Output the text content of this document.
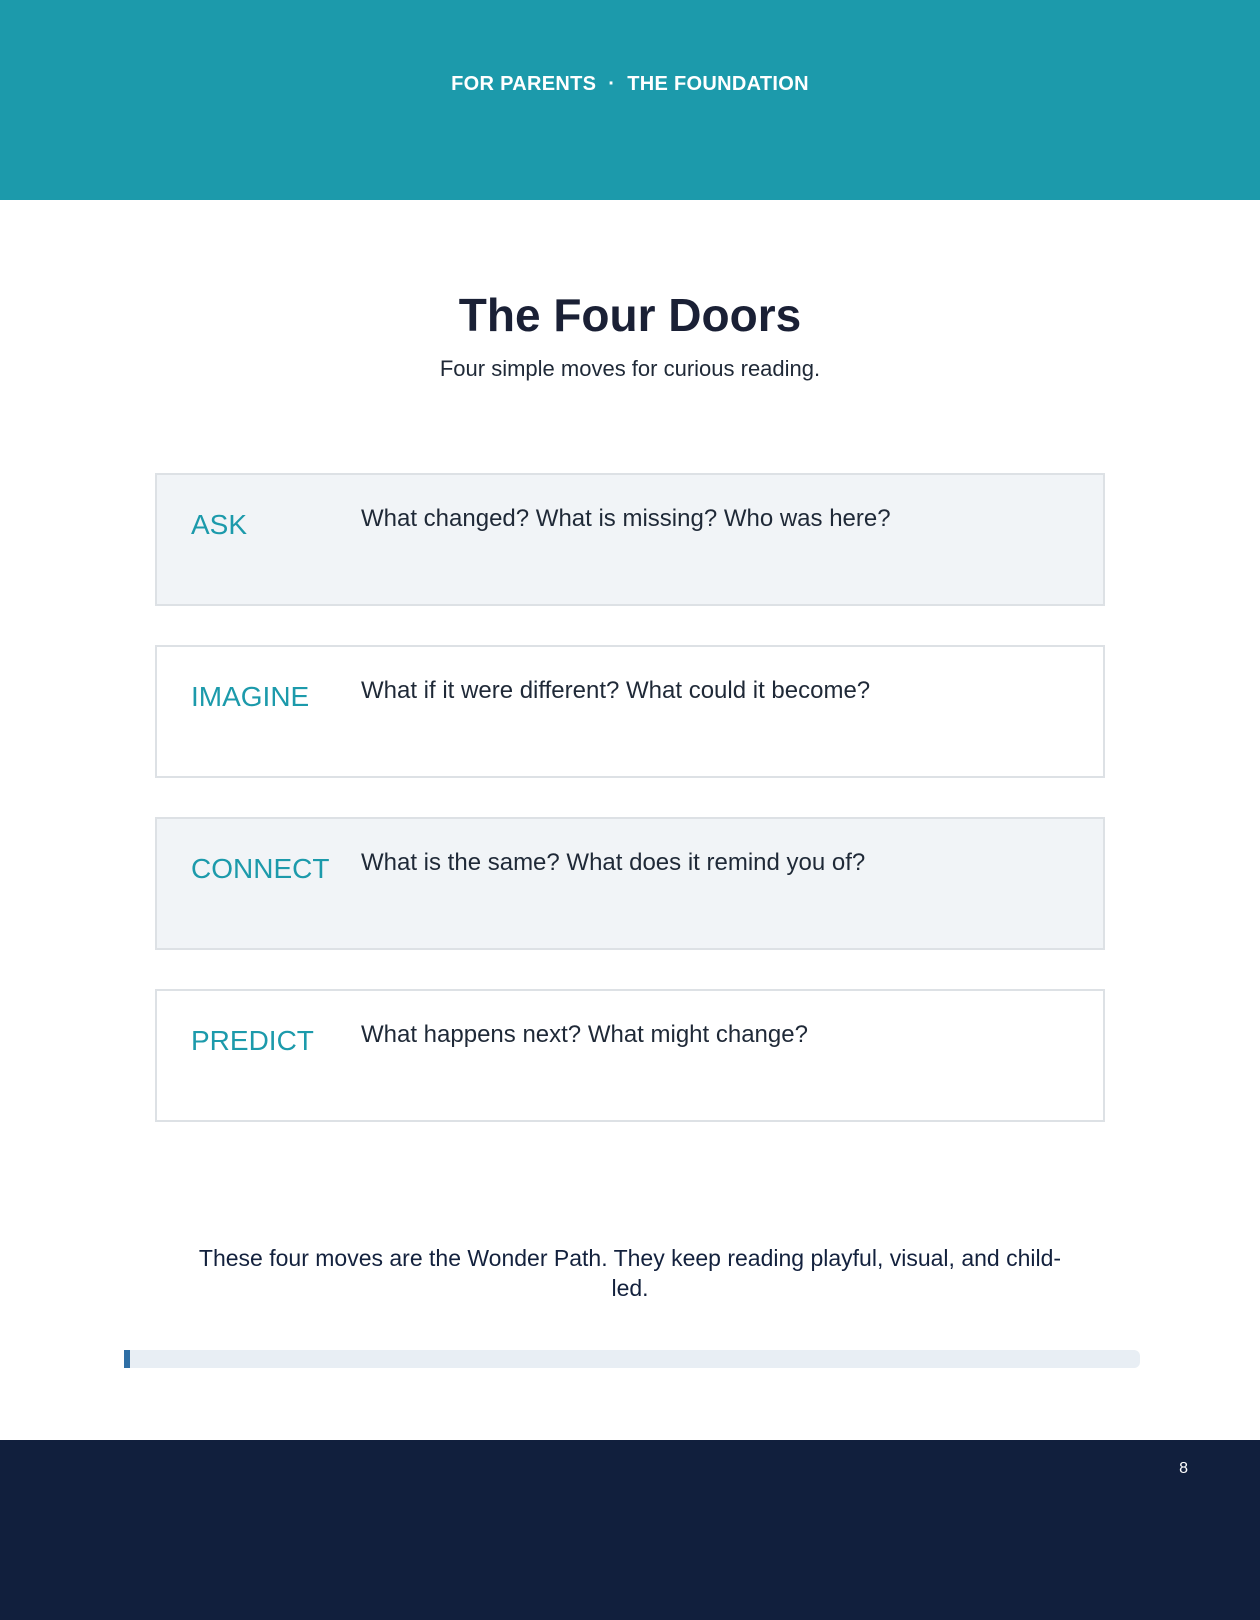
FOR PARENTS · THE FOUNDATION
The Four Doors
Four simple moves for curious reading.
ASK	What changed? What is missing? Who was here?
IMAGINE What if it were different? What could it become?
CONNECT What is the same? What does it remind you of?
PREDICT What happens next? What might change?
These four moves are the Wonder Path. They keep reading playful, visual, and child-led.
8
